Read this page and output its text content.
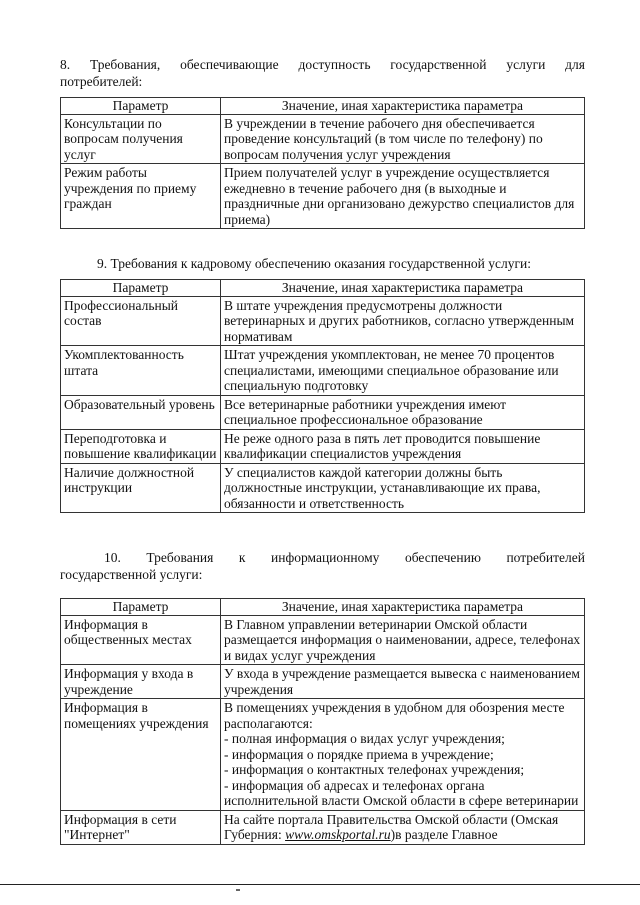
8. Требования, обеспечивающие доступность государственной услуги для
потребителей:
Параметр	Значение, иная характеристика параметра
Консультации по вопросам получения услуг	В учреждении в течение рабочего дня обеспечивается проведение консультаций (в том числе по телефону) по вопросам получения услуг учреждения
Режим работы учреждения по приему граждан	Прием получателей услуг в учреждение осуществляется ежедневно в течение рабочего дня (в выходные и праздничные дни организовано дежурство специалистов для приема)
9. Требования к кадровому обеспечению оказания государственной услуги:
Параметр	Значение, иная характеристика параметра
Профессиональный состав	В штате учреждения предусмотрены должности ветеринарных и других работников, согласно утвержденным нормативам
Укомплектованность штата	Штат учреждения укомплектован, не менее 70 процентов специалистами, имеющими специальное образование или специальную подготовку
Образовательный уровень	Все ветеринарные работники учреждения имеют специальное профессиональное образование
Переподготовка и повышение квалификации	Не реже одного раза в пять лет проводится повышение квалификации специалистов учреждения
Наличие должностной инструкции	У специалистов каждой категории должны быть должностные инструкции, устанавливающие их права, обязанности и ответственность
10. Требования к информационному обеспечению потребителей
государственной услуги:
Параметр	Значение, иная характеристика параметра
Информация в общественных местах	В Главном управлении ветеринарии Омской области размещается информация о наименовании, адресе, телефонах и видах услуг учреждения
Информация у входа в учреждение	У входа в учреждение размещается вывеска с наименованием учреждения
Информация в помещениях учреждения	В помещениях учреждения в удобном для обозрения месте располагаются:
- полная информация о видах услуг учреждения;
- информация о порядке приема в учреждение;
- информация о контактных телефонах учреждения;
- информация об адресах и телефонах органа исполнительной власти Омской области в сфере ветеринарии

Информация в сети "Интернет"	На сайте портала Правительства Омской области (Омская Губерния: www.omskportal.ru)в разделе Главное
